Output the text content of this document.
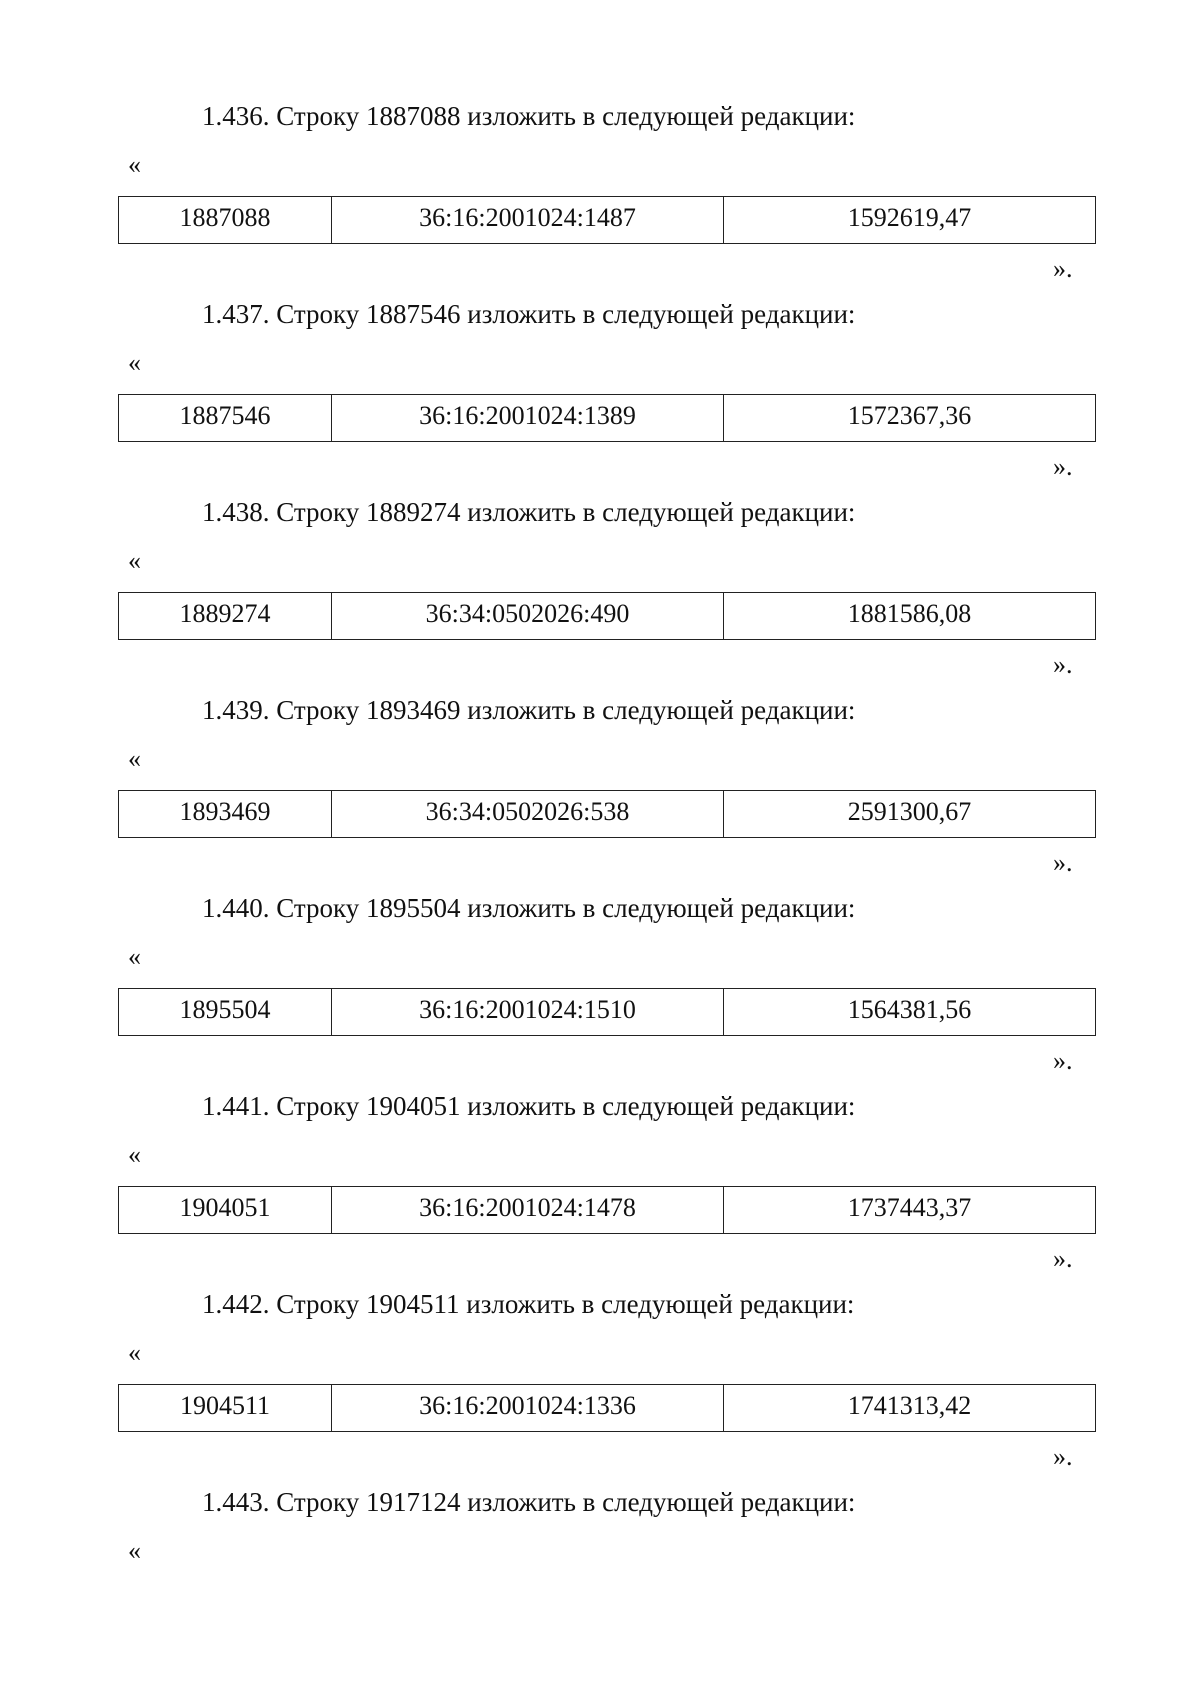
1.436. Строку 1887088 изложить в следующей редакции:
«
1887088	36:16:2001024:1487	1592619,47
».
1.437. Строку 1887546 изложить в следующей редакции:
«
1887546	36:16:2001024:1389	1572367,36
».
1.438. Строку 1889274 изложить в следующей редакции:
«
1889274	36:34:0502026:490	1881586,08
».
1.439. Строку 1893469 изложить в следующей редакции:
«
1893469	36:34:0502026:538	2591300,67
».
1.440. Строку 1895504 изложить в следующей редакции:
«
1895504	36:16:2001024:1510	1564381,56
».
1.441. Строку 1904051 изложить в следующей редакции:
«
1904051	36:16:2001024:1478	1737443,37
».
1.442. Строку 1904511 изложить в следующей редакции:
«
1904511	36:16:2001024:1336	1741313,42
».
1.443. Строку 1917124 изложить в следующей редакции:
«
